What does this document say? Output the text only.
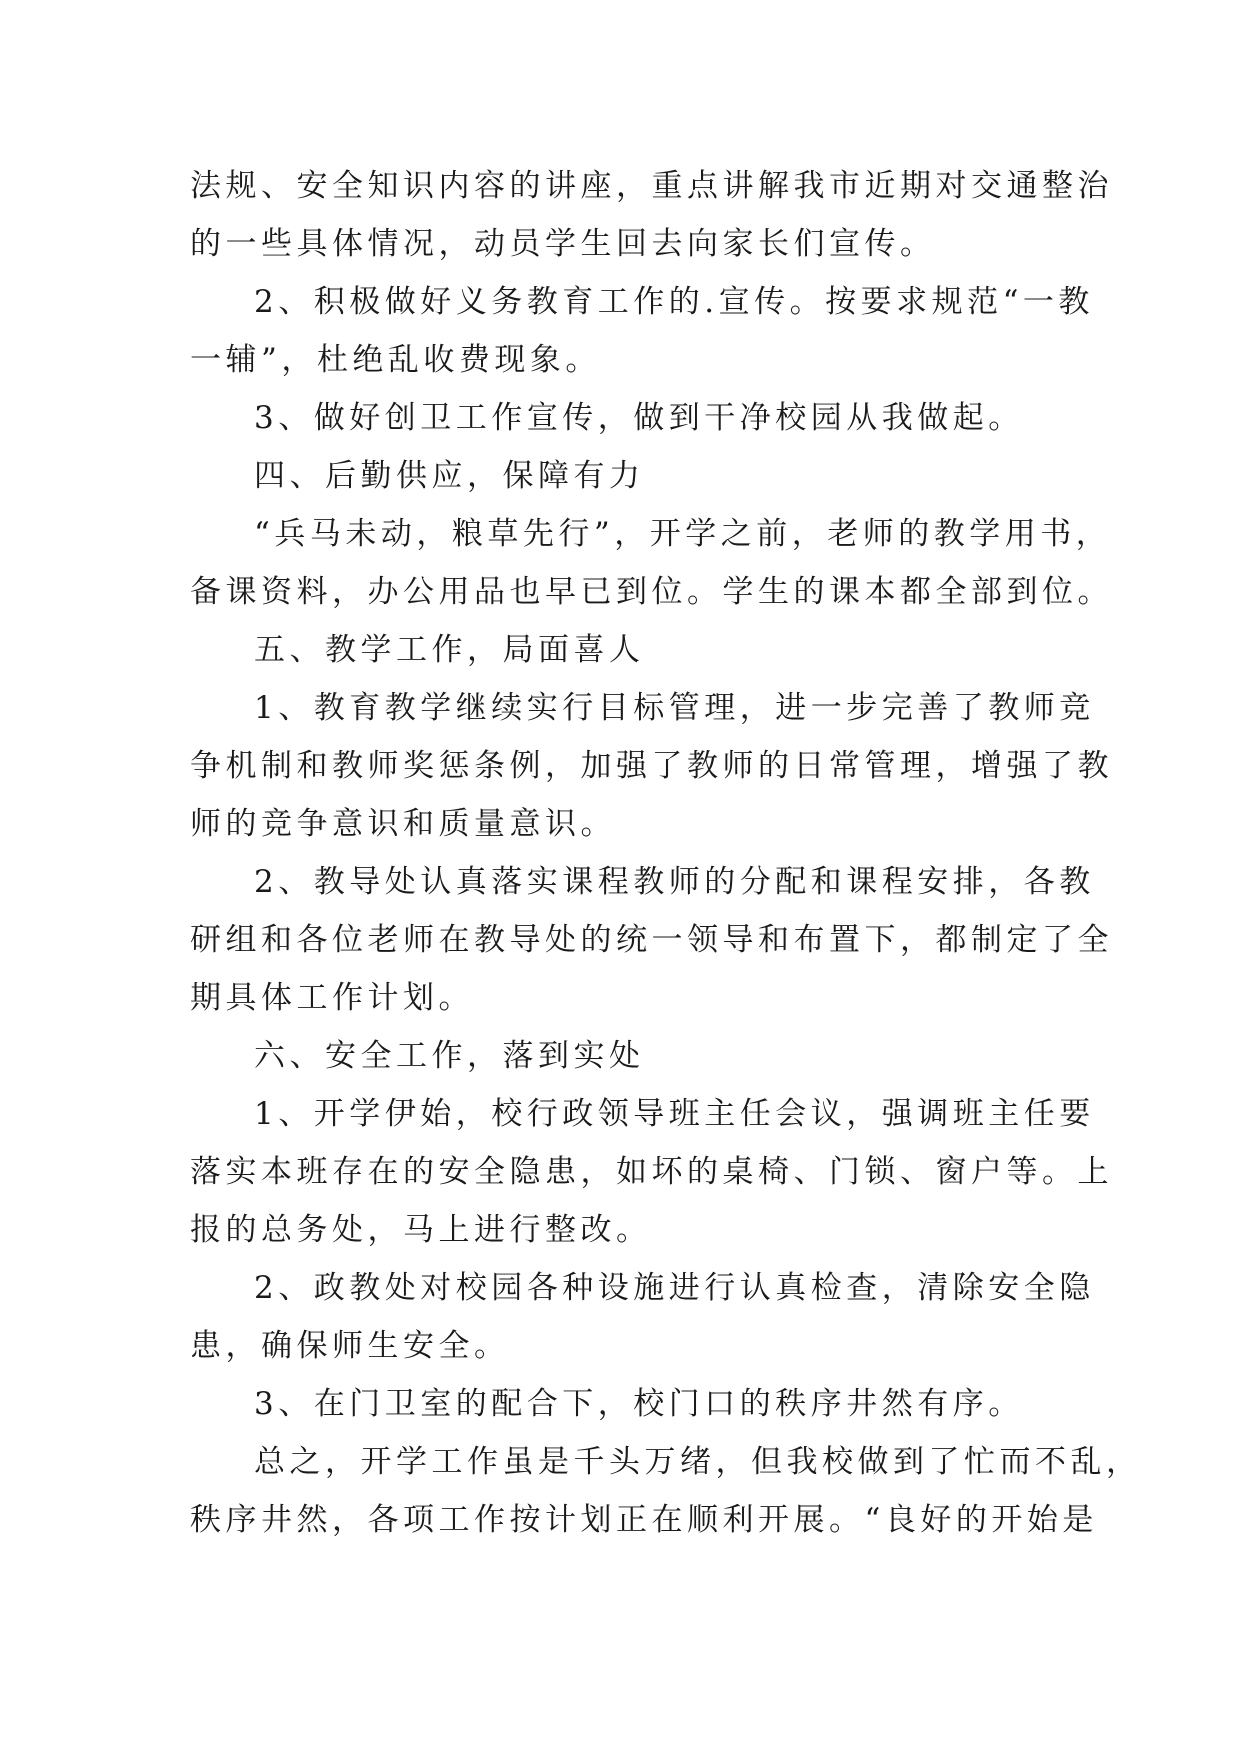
法规、安全知识内容的讲座，重点讲解我市近期对交通整治
的一些具体情况，动员学生回去向家长们宣传。
2、积极做好义务教育工作的.宣传。按要求规范“一教
一辅”，杜绝乱收费现象。
3、做好创卫工作宣传，做到干净校园从我做起。
四、后勤供应，保障有力
“兵马未动，粮草先行”，开学之前，老师的教学用书，
备课资料，办公用品也早已到位。学生的课本都全部到位。
五、教学工作，局面喜人
1、教育教学继续实行目标管理，进一步完善了教师竞
争机制和教师奖惩条例，加强了教师的日常管理，增强了教
师的竞争意识和质量意识。
2、教导处认真落实课程教师的分配和课程安排，各教
研组和各位老师在教导处的统一领导和布置下，都制定了全
期具体工作计划。
六、安全工作，落到实处
1、开学伊始，校行政领导班主任会议，强调班主任要
落实本班存在的安全隐患，如坏的桌椅、门锁、窗户等。上
报的总务处，马上进行整改。
2、政教处对校园各种设施进行认真检查，清除安全隐
患，确保师生安全。
3、在门卫室的配合下，校门口的秩序井然有序。
总之，开学工作虽是千头万绪，但我校做到了忙而不乱，
秩序井然，各项工作按计划正在顺利开展。“良好的开始是
